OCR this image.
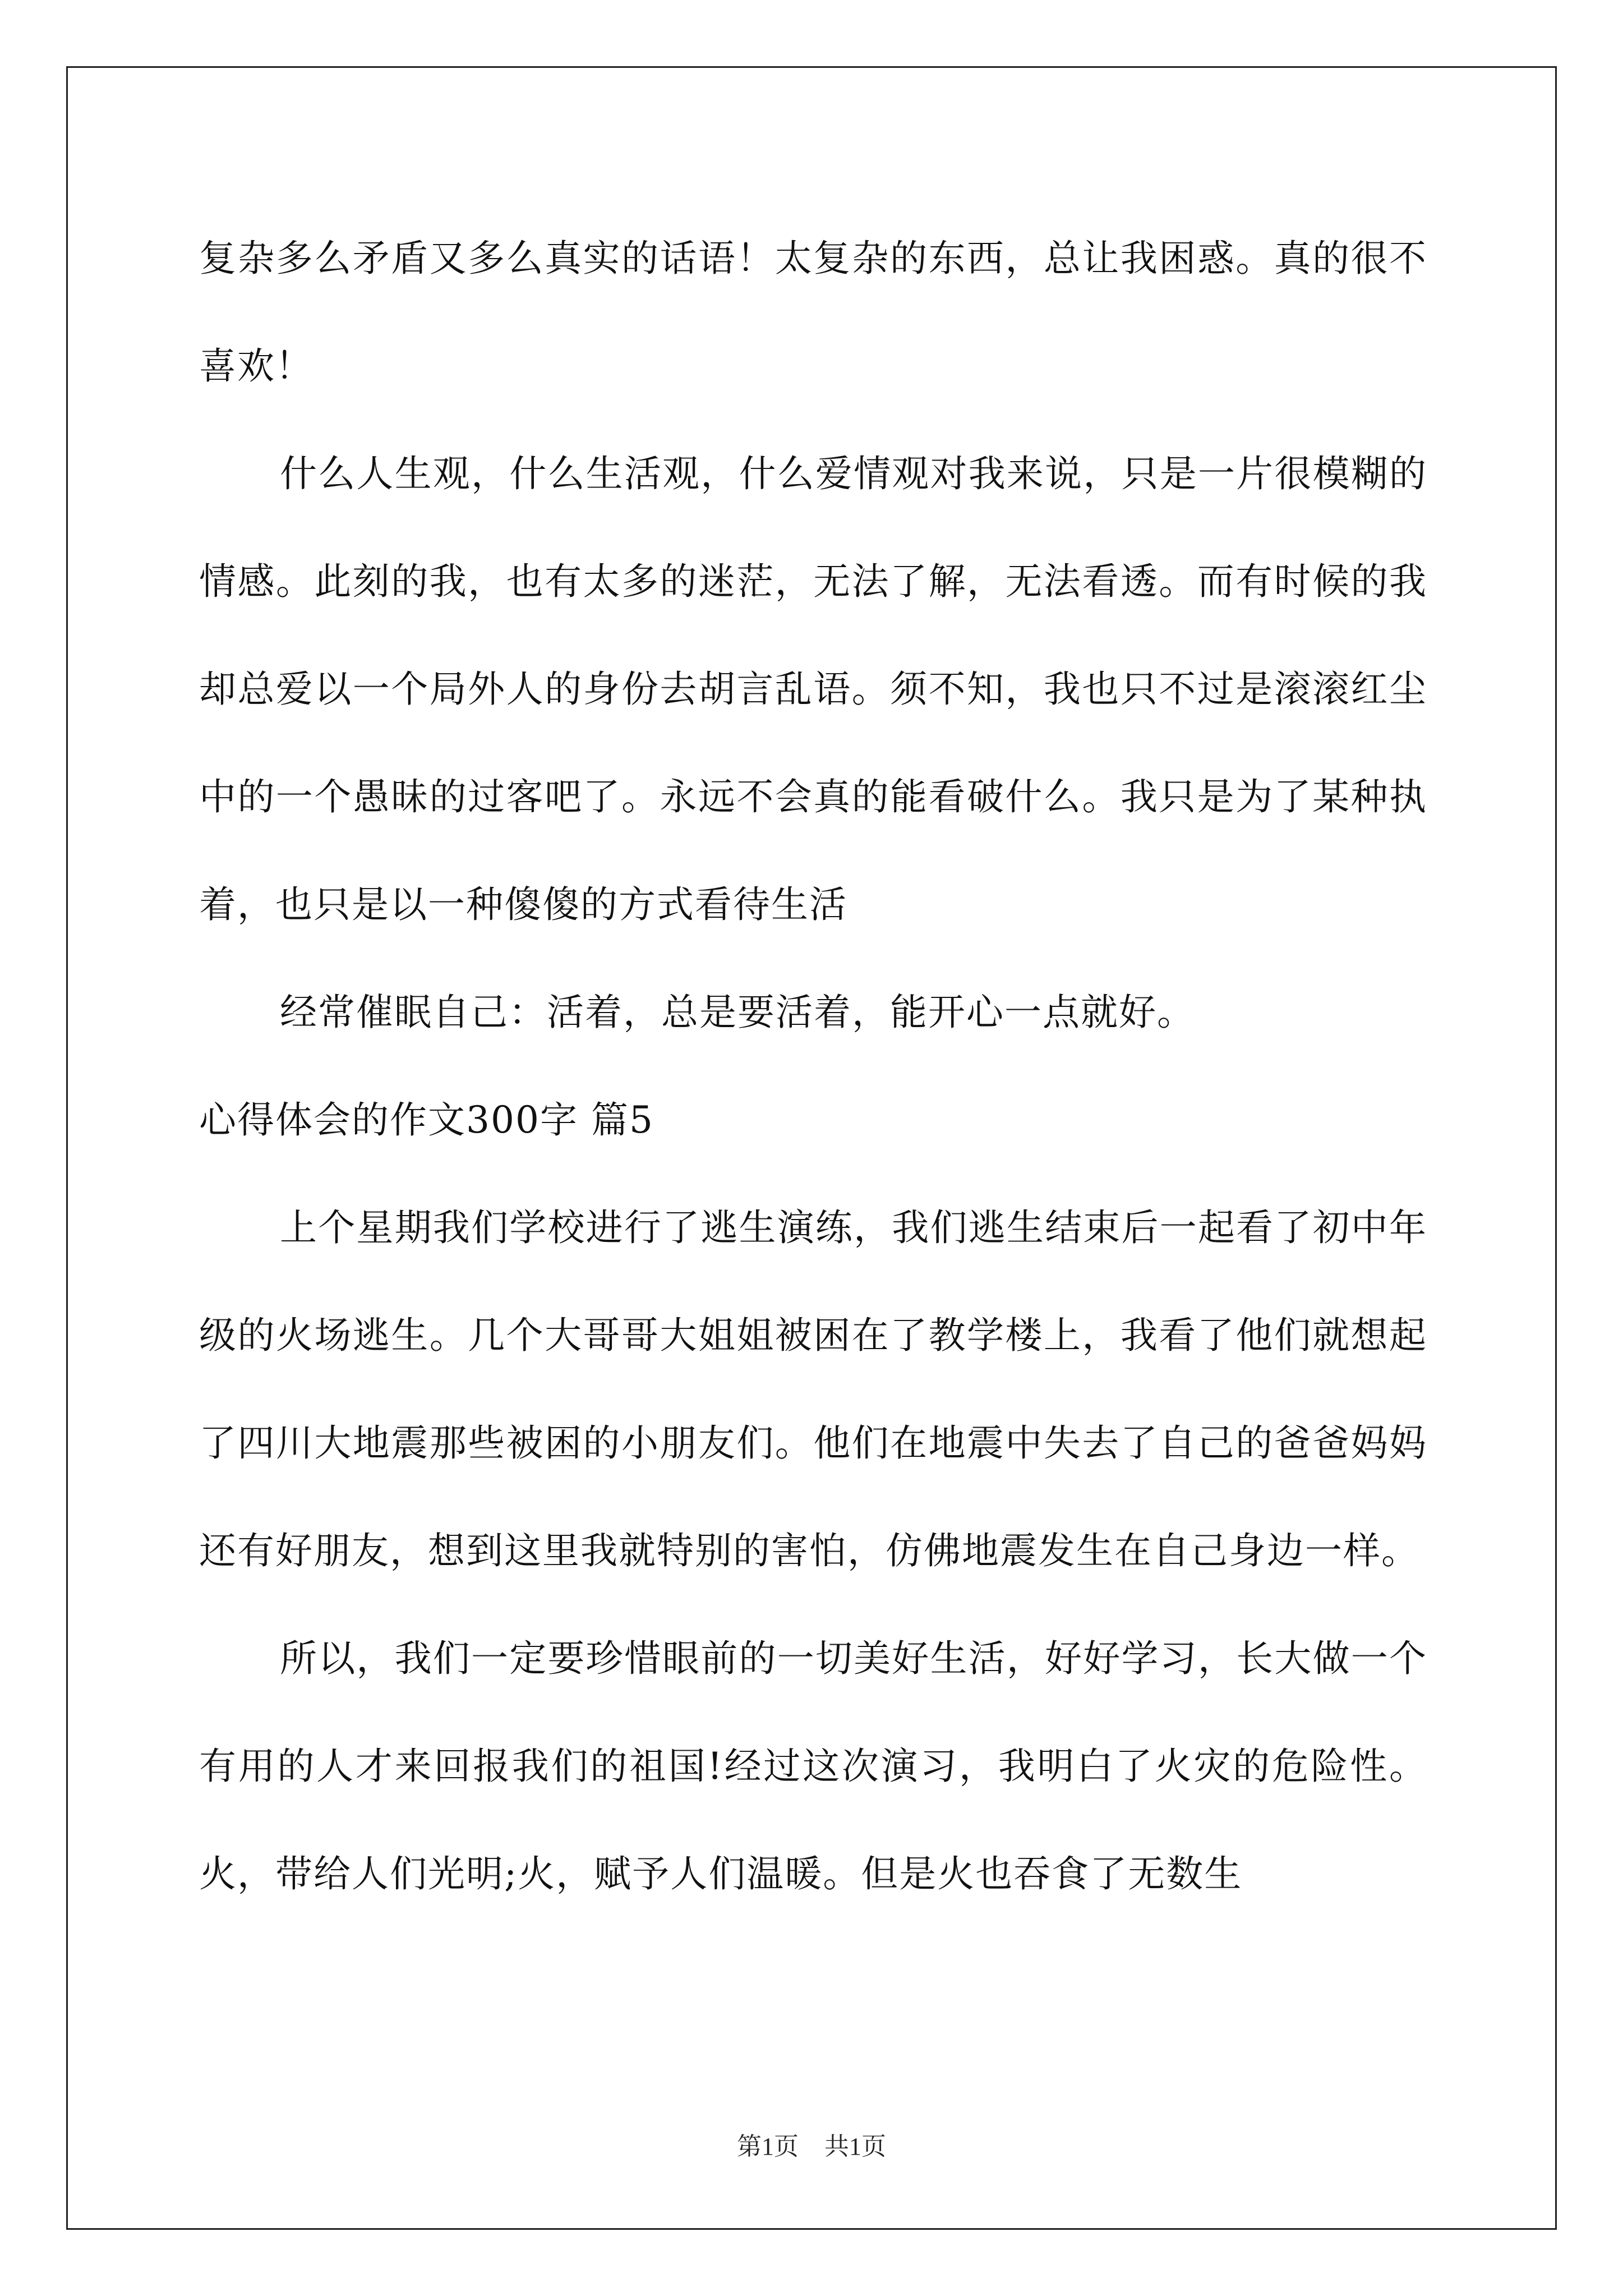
复杂多么矛盾又多么真实的话语！太复杂的东西，总让我困惑。真的很不喜欢！

什么人生观，什么生活观，什么爱情观对我来说，只是一片很模糊的情感。此刻的我，也有太多的迷茫，无法了解，无法看透。而有时候的我却总爱以一个局外人的身份去胡言乱语。须不知，我也只不过是滚滚红尘中的一个愚昧的过客吧了。永远不会真的能看破什么。我只是为了某种执着，也只是以一种傻傻的方式看待生活

经常催眠自己：活着，总是要活着，能开心一点就好。

心得体会的作文300字 篇5

上个星期我们学校进行了逃生演练，我们逃生结束后一起看了初中年级的火场逃生。几个大哥哥大姐姐被困在了教学楼上，我看了他们就想起了四川大地震那些被困的小朋友们。他们在地震中失去了自己的爸爸妈妈还有好朋友，想到这里我就特别的害怕，仿佛地震发生在自己身边一样。

所以，我们一定要珍惜眼前的一切美好生活，好好学习，长大做一个有用的人才来回报我们的祖国!经过这次演习，我明白了火灾的危险性。火，带给人们光明;火，赋予人们温暖。但是火也吞食了无数生

第1页 共1页
